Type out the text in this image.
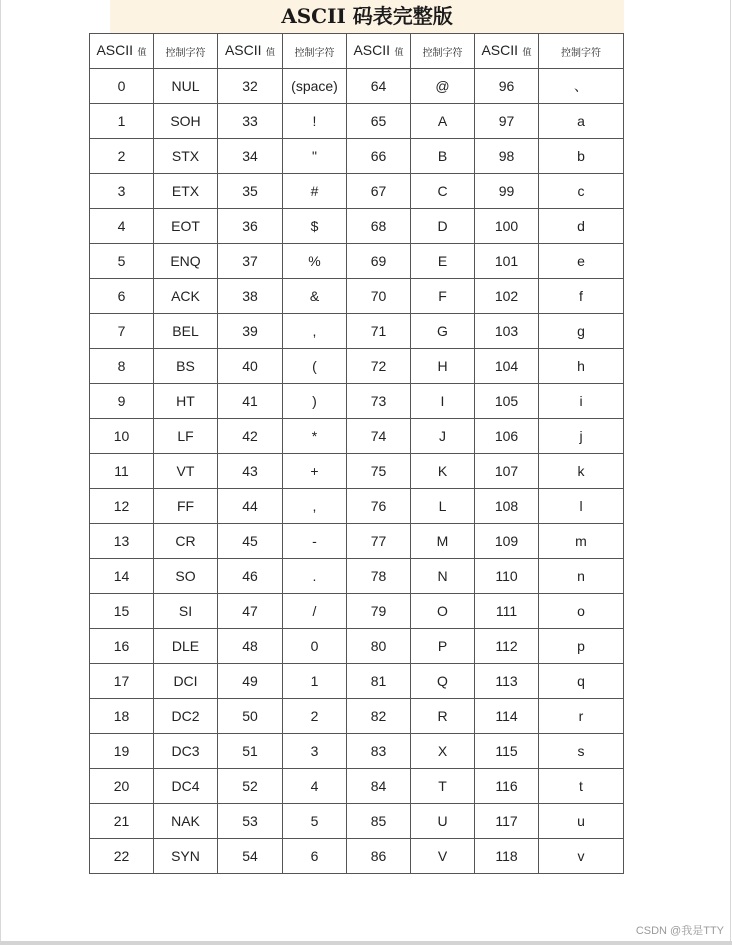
ASCII 码表完整版
ASCII 值	控制字符	ASCII 值	控制字符	ASCII 值	控制字符	ASCII 值	控制字符
0	NUL	32	(space)	64	@	96	、
1	SOH	33	!	65	A	97	a
2	STX	34	"	66	B	98	b
3	ETX	35	#	67	C	99	c
4	EOT	36	$	68	D	100	d
5	ENQ	37	%	69	E	101	e
6	ACK	38	&	70	F	102	f
7	BEL	39	,	71	G	103	g
8	BS	40	(	72	H	104	h
9	HT	41	)	73	I	105	i
10	LF	42	*	74	J	106	j
11	VT	43	+	75	K	107	k
12	FF	44	,	76	L	108	l
13	CR	45	-	77	M	109	m
14	SO	46	.	78	N	110	n
15	SI	47	/	79	O	111	o
16	DLE	48	0	80	P	112	p
17	DCI	49	1	81	Q	113	q
18	DC2	50	2	82	R	114	r
19	DC3	51	3	83	X	115	s
20	DC4	52	4	84	T	116	t
21	NAK	53	5	85	U	117	u
22	SYN	54	6	86	V	118	v
CSDN @我是TTY
